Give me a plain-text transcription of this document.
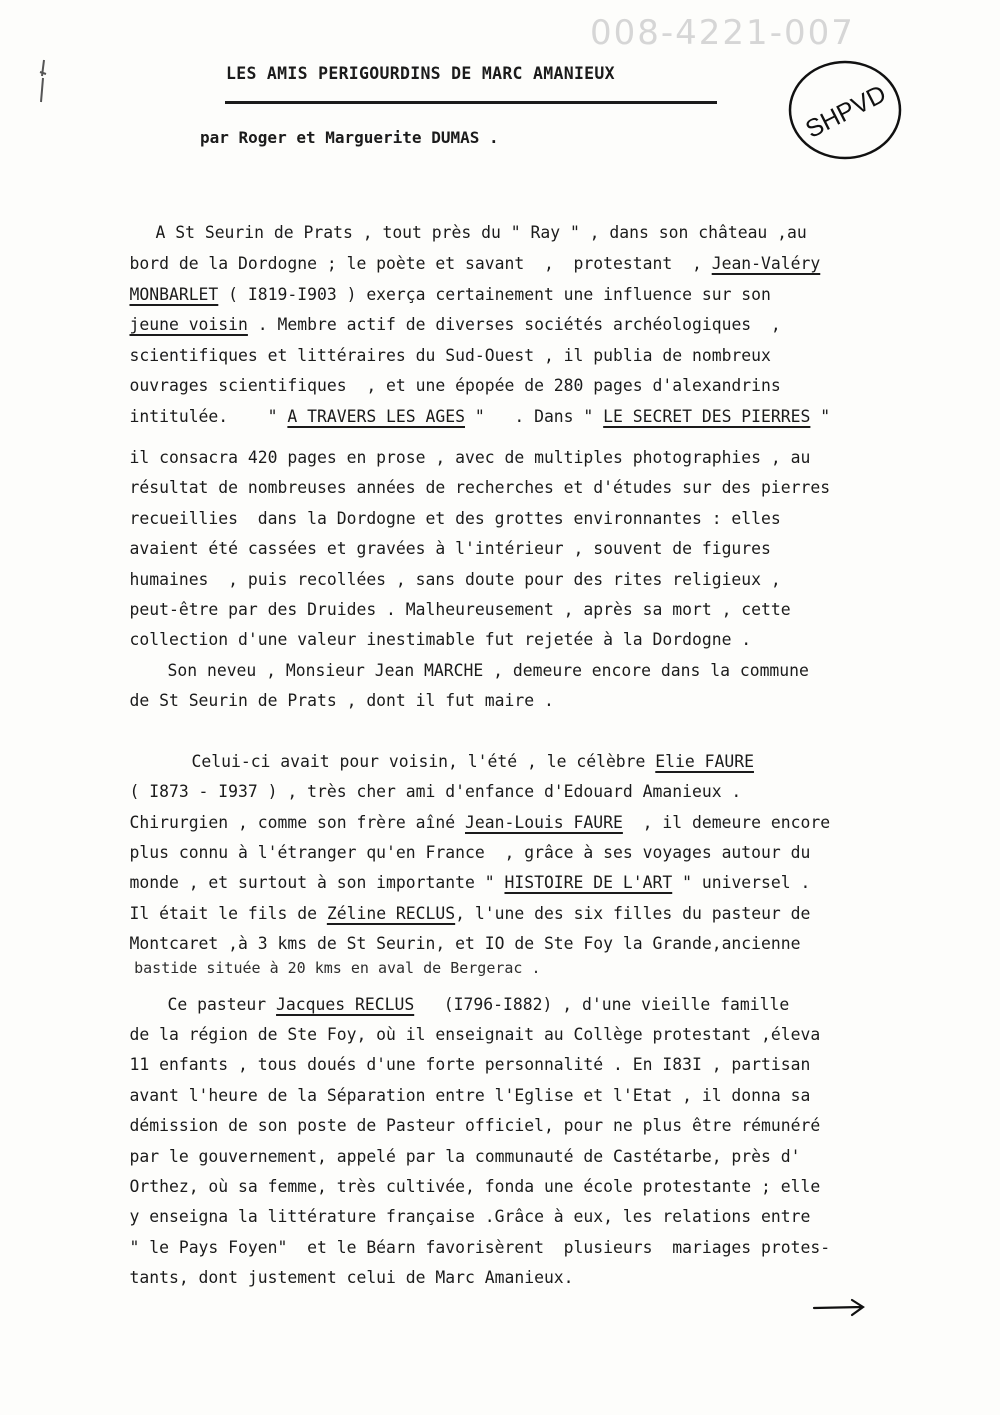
008-4221-007
SHPVD
LES AMIS PERIGOURDINS DE MARC AMANIEUX
par Roger et Marguerite DUMAS .

A St Seurin de Prats , tout près du " Ray " , dans son château ,au

bord de la Dordogne ; le poète et savant  ,  protestant  , Jean-Valéry

MONBARLET ( I819-I903 ) exerça certainement une influence sur son

jeune voisin . Membre actif de diverses sociétés archéologiques  ,

scientifiques et littéraires du Sud-Ouest , il publia de nombreux

ouvrages scientifiques  , et une épopée de 280 pages d'alexandrins

intitulée.    " A TRAVERS LES AGES "   . Dans " LE SECRET DES PIERRES "

il consacra 420 pages en prose , avec de multiples photographies , au

résultat de nombreuses années de recherches et d'études sur des pierres

recueillies  dans la Dordogne et des grottes environnantes : elles

avaient été cassées et gravées à l'intérieur , souvent de figures

humaines  , puis recollées , sans doute pour des rites religieux ,

peut-être par des Druides . Malheureusement , après sa mort , cette

collection d'une valeur inestimable fut rejetée à la Dordogne .

Son neveu , Monsieur Jean MARCHE , demeure encore dans la commune

de St Seurin de Prats , dont il fut maire .

Celui-ci avait pour voisin, l'été , le célèbre Elie FAURE

( I873 - I937 ) , très cher ami d'enfance d'Edouard Amanieux .

Chirurgien , comme son frère aîné Jean-Louis FAURE  , il demeure encore

plus connu à l'étranger qu'en France  , grâce à ses voyages autour du

monde , et surtout à son importante " HISTOIRE DE L'ART " universel .

Il était le fils de Zéline RECLUS, l'une des six filles du pasteur de

Montcaret ,à 3 kms de St Seurin, et IO de Ste Foy la Grande,ancienne

bastide située à 20 kms en aval de Bergerac .

Ce pasteur Jacques RECLUS   (I796-I882) , d'une vieille famille

de la région de Ste Foy, où il enseignait au Collège protestant ,éleva

11 enfants , tous doués d'une forte personnalité . En I83I , partisan

avant l'heure de la Séparation entre l'Eglise et l'Etat , il donna sa

démission de son poste de Pasteur officiel, pour ne plus être rémunéré

par le gouvernement, appelé par la communauté de Castétarbe, près d'

Orthez, où sa femme, très cultivée, fonda une école protestante ; elle

y enseigna la littérature française .Grâce à eux, les relations entre

" le Pays Foyen"  et le Béarn favorisèrent  plusieurs  mariages protes-

tants, dont justement celui de Marc Amanieux.
